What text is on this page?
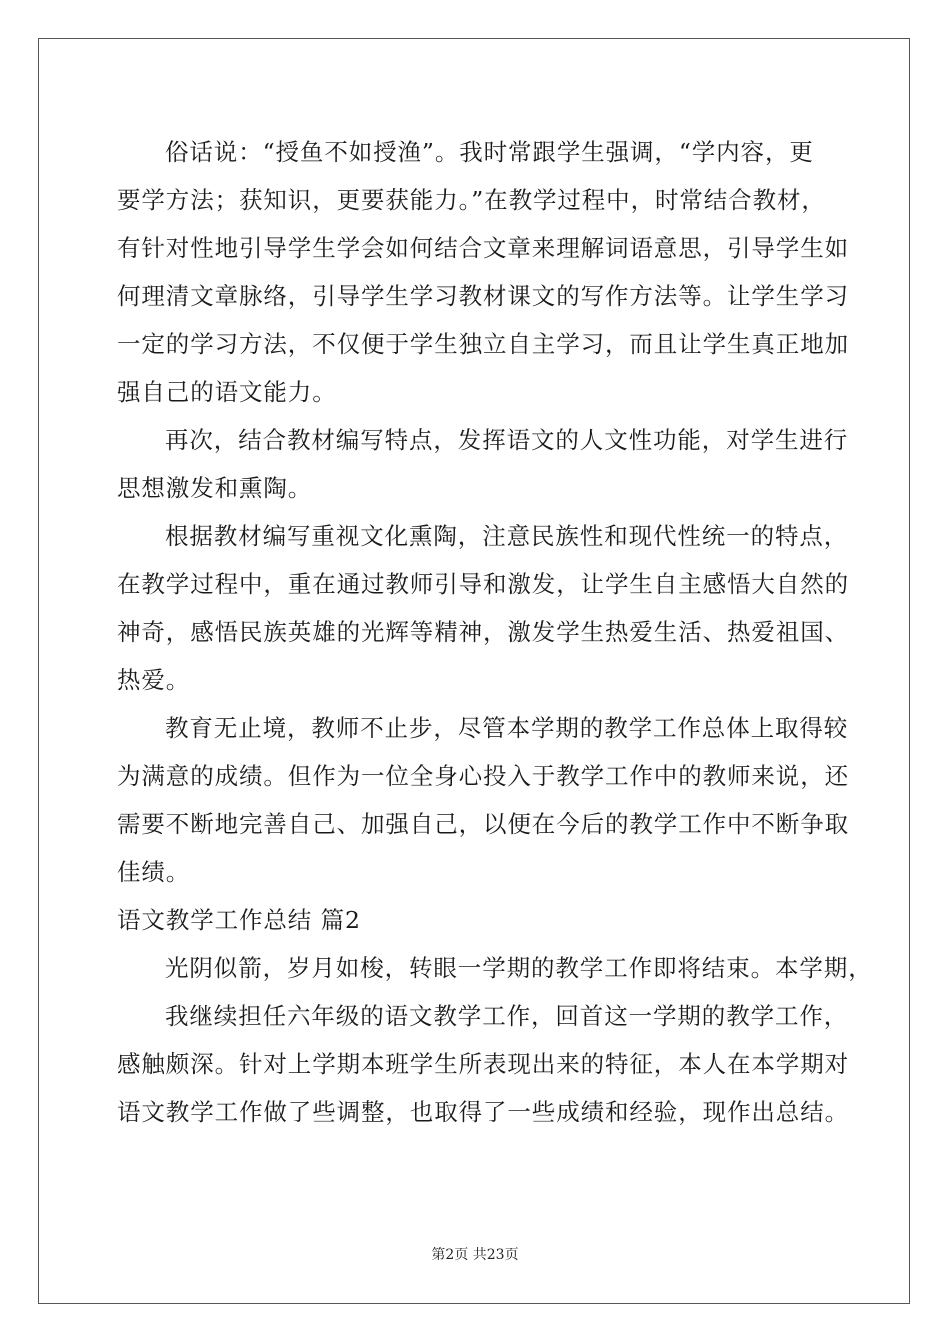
俗话说：“授鱼不如授渔”。我时常跟学生强调，“学内容，更
要学方法；获知识，更要获能力。”在教学过程中，时常结合教材，
有针对性地引导学生学会如何结合文章来理解词语意思，引导学生如
何理清文章脉络，引导学生学习教材课文的写作方法等。让学生学习
一定的学习方法，不仅便于学生独立自主学习，而且让学生真正地加
强自己的语文能力。
再次，结合教材编写特点，发挥语文的人文性功能，对学生进行
思想激发和熏陶。
根据教材编写重视文化熏陶，注意民族性和现代性统一的特点，
在教学过程中，重在通过教师引导和激发，让学生自主感悟大自然的
神奇，感悟民族英雄的光辉等精神，激发学生热爱生活、热爱祖国、
热爱。
教育无止境，教师不止步，尽管本学期的教学工作总体上取得较
为满意的成绩。但作为一位全身心投入于教学工作中的教师来说，还
需要不断地完善自己、加强自己，以便在今后的教学工作中不断争取
佳绩。
语文教学工作总结 篇2
光阴似箭，岁月如梭，转眼一学期的教学工作即将结束。本学期，
我继续担任六年级的语文教学工作，回首这一学期的教学工作，
感触颇深。针对上学期本班学生所表现出来的特征，本人在本学期对
语文教学工作做了些调整，也取得了一些成绩和经验，现作出总结。
第2页 共23页
